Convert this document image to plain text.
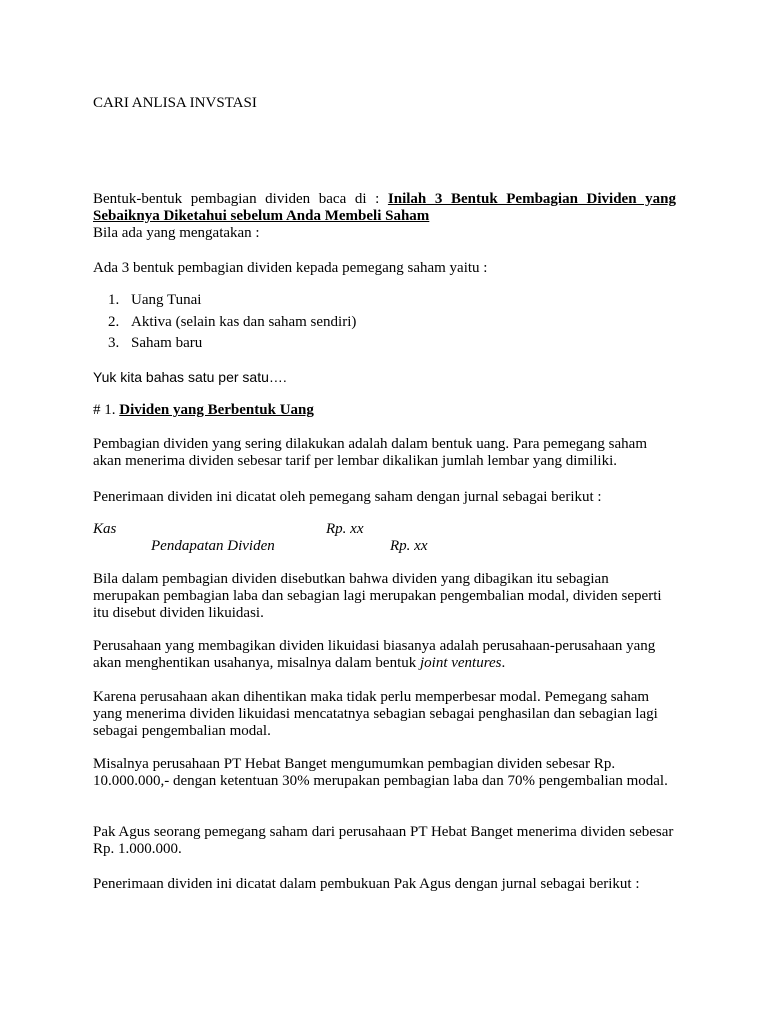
CARI ANLISA INVSTASI
Bentuk-bentuk pembagian dividen baca di : Inilah 3 Bentuk Pembagian Dividen yang Sebaiknya Diketahui sebelum Anda Membeli Saham
Bila ada yang mengatakan :
Ada 3 bentuk pembagian dividen kepada pemegang saham yaitu :
1. Uang Tunai
2. Aktiva (selain kas dan saham sendiri)
3. Saham baru
Yuk kita bahas satu per satu….
# 1. Dividen yang Berbentuk Uang
Pembagian dividen yang sering dilakukan adalah dalam bentuk uang. Para pemegang saham akan menerima dividen sebesar tarif per lembar dikalikan jumlah lembar yang dimiliki.
Penerimaan dividen ini dicatat oleh pemegang saham dengan jurnal sebagai berikut :
Kas	Rp. xx
Pendapatan Dividen	Rp. xx
Bila dalam pembagian dividen disebutkan bahwa dividen yang dibagikan itu sebagian merupakan pembagian laba dan sebagian lagi merupakan pengembalian modal, dividen seperti itu disebut dividen likuidasi.
Perusahaan yang membagikan dividen likuidasi biasanya adalah perusahaan-perusahaan yang akan menghentikan usahanya, misalnya dalam bentuk joint ventures.
Karena perusahaan akan dihentikan maka tidak perlu memperbesar modal. Pemegang saham yang menerima dividen likuidasi mencatatnya sebagian sebagai penghasilan dan sebagian lagi sebagai pengembalian modal.
Misalnya perusahaan PT Hebat Banget mengumumkan pembagian dividen sebesar Rp. 10.000.000,- dengan ketentuan 30% merupakan pembagian laba dan 70% pengembalian modal.
Pak Agus seorang pemegang saham dari perusahaan PT Hebat Banget menerima dividen sebesar Rp. 1.000.000.
Penerimaan dividen ini dicatat dalam pembukuan Pak Agus dengan jurnal sebagai berikut :
